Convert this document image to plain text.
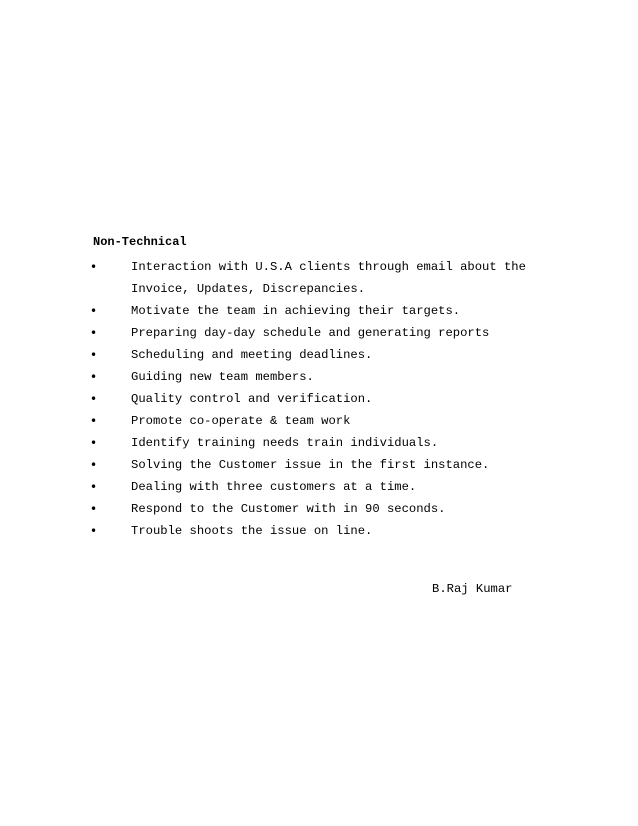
Non-Technical

•	Interaction with U.S.A clients through email about the
Invoice, Updates, Discrepancies.
•	Motivate the team in achieving their targets.
•	Preparing day-day schedule and generating reports
•	Scheduling and meeting deadlines.
•	Guiding new team members.
•	Quality control and verification.
•	Promote co-operate & team work
•	Identify training needs train individuals.
•	Solving the Customer issue in the first instance.
•	Dealing with three customers at a time.
•	Respond to the Customer with in 90 seconds.
•	Trouble shoots the issue on line.

B.Raj Kumar
